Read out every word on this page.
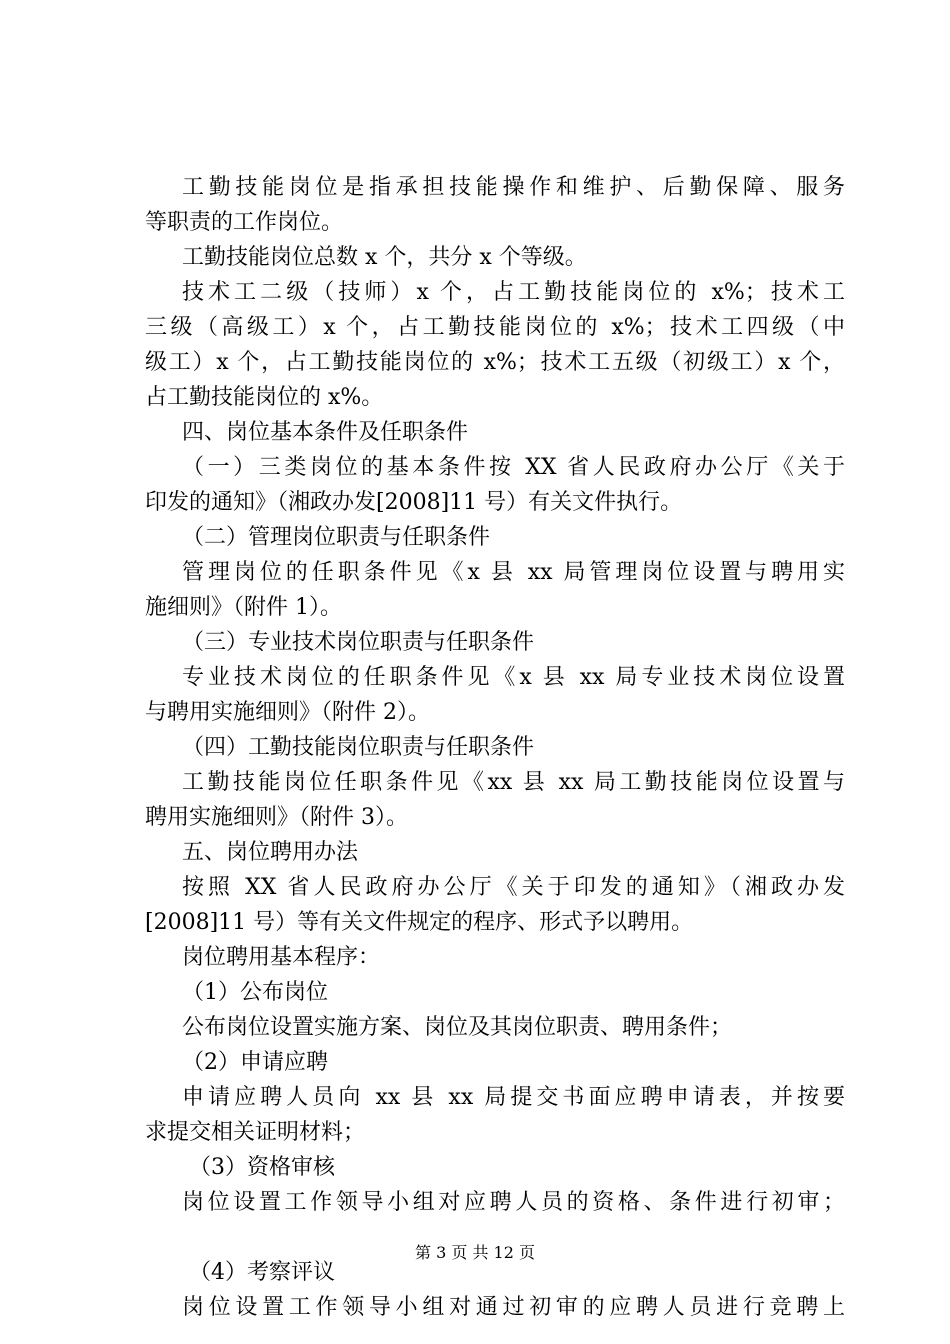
工勤技能岗位是指承担技能操作和维护、后勤保障、服务
等职责的工作岗位。
工勤技能岗位总数 x 个，共分 x 个等级。
技术工二级（技师）x 个，占工勤技能岗位的 x%；技术工
三级（高级工）x 个，占工勤技能岗位的 x%；技术工四级（中
级工）x 个，占工勤技能岗位的 x%；技术工五级（初级工）x 个，
占工勤技能岗位的 x%。
四、岗位基本条件及任职条件
（一）三类岗位的基本条件按 XX 省人民政府办公厅《关于
印发的通知》（湘政办发[2008]11 号）有关文件执行。
（二）管理岗位职责与任职条件
管理岗位的任职条件见《x 县 xx 局管理岗位设置与聘用实
施细则》（附件 1）。
（三）专业技术岗位职责与任职条件
专业技术岗位的任职条件见《x 县 xx 局专业技术岗位设置
与聘用实施细则》（附件 2）。
（四）工勤技能岗位职责与任职条件
工勤技能岗位任职条件见《xx 县 xx 局工勤技能岗位设置与
聘用实施细则》（附件 3）。
五、岗位聘用办法
按照 XX 省人民政府办公厅《关于印发的通知》（湘政办发
[2008]11 号）等有关文件规定的程序、形式予以聘用。
岗位聘用基本程序：
（1）公布岗位
公布岗位设置实施方案、岗位及其岗位职责、聘用条件；
（2）申请应聘
申请应聘人员向 xx 县 xx 局提交书面应聘申请表，并按要
求提交相关证明材料；
（3）资格审核
岗位设置工作领导小组对应聘人员的资格、条件进行初审；
（4）考察评议
岗位设置工作领导小组对通过初审的应聘人员进行竞聘上
第 3 页 共 12 页
